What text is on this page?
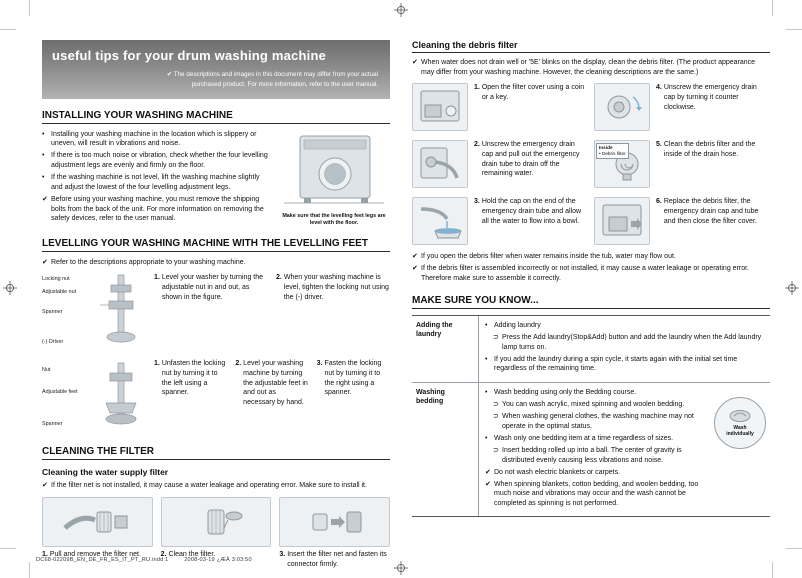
useful tips for your drum washing machine
✔ The descriptions and images in this document may differ from your actual
purchased product. For more information, refer to the user manual.
INSTALLING YOUR WASHING MACHINE
• Installing your washing machine in the location which is slippery or uneven, will result in vibrations and noise.
• If there is too much noise or vibration, check whether the four levelling adjustment legs are evenly and firmly on the floor.
• If the washing machine is not level, lift the washing machine slightly and adjust the lowest of the four levelling adjustment legs.
✔ Before using your washing machine, you must remove the shipping bolts from the back of the unit. For more information on removing the safety devices, refer to the user manual.	Make sure that the levelling feet legs are level with the floor.
LEVELLING YOUR WASHING MACHINE WITH THE LEVELLING FEET
✔ Refer to the descriptions appropriate to your washing machine.
Locking nut
Adjustable nut
Spanner
(-) Driver
1. Level your washer by turning the adjustable nut in and out, as shown in the figure.
2. When your washing machine is level, tighten the locking nut using the (-) driver.
Nut
Adjustable feet
Spanner
1. Unfasten the locking nut by turning it to the left using a spanner.
2. Level your washing machine by turning the adjustable feet in and out as necessary by hand.
3. Fasten the locking nut by turning it to the right using a spanner.
CLEANING THE FILTER
Cleaning the water supply filter
✔ If the filter net is not installed, it may cause a water leakage and operating error. Make sure to install it.
1. Pull and remove the filter net.	2. Clean the filter.	3. Insert the filter net and fasten its connector firmly.
Cleaning the debris filter
✔ When water does not drain well or '5E' blinks on the display, clean the debris filter. (The product appearance may differ from your washing machine. However, the cleaning descriptions are the same.)
1. Open the filter cover using a coin or a key.
4. Unscrew the emergency drain cap by turning it counter clockwise.
2. Unscrew the emergency drain cap and pull out the emergency drain tube to drain off the remaining water.
Inside
• Debris filter
5. Clean the debris filter and the inside of the drain hose.
3. Hold the cap on the end of the emergency drain tube and allow all the water to flow into a bowl.
6. Replace the debris filter, the emergency drain cap and tube and then close the filter cover.
✔ If you open the debris filter when water remains inside the tub, water may flow out.
✔ If the debris filter is assembled incorrectly or not installed, it may cause a water leakage or operating error. Therefore make sure to assemble it correctly.
MAKE SURE YOU KNOW...
Adding the laundry
• Adding laundry
⊃ Press the Add laundry(Stop&Add) button and add the laundry when the Add laundry lamp turns on.
• If you add the laundry during a spin cycle, it starts again with the initial set time regardless of the remaining time.
Washing bedding
• Wash bedding using only the Bedding course.
⊃ You can wash acrylic, mixed spinning and woolen bedding.
⊃ When washing general clothes, the washing machine may not operate in the optimal status.
• Wash only one bedding item at a time regardless of sizes.
⊃ Insert bedding rolled up into a ball. The center of gravity is distributed evenly causing less vibrations and noise.
✔ Do not wash electric blankets or carpets.
✔ When spinning blankets, cotton bedding, and woolen bedding, too much noise and vibrations may occur and the wash cannot be completed as spinning is not performed.
Wash individually
DC68-02209B_EN_DE_FR_ES_IT_PT_RU.indd 1	2008-03-19 ¿ÆÄ 3:03:50
